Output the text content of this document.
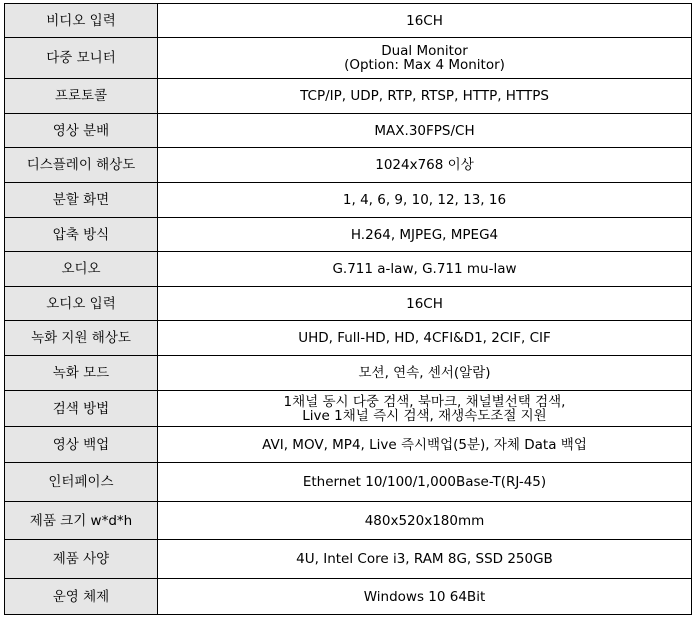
비디오 입력	16CH

다중 모니터	Dual Monitor
(Option: Max 4 Monitor)

프로토콜	TCP/IP, UDP, RTP, RTSP, HTTP, HTTPS

영상 분배	MAX.30FPS/CH

디스플레이 해상도	1024x768 이상

분할 화면	1, 4, 6, 9, 10, 12, 13, 16

압축 방식	H.264, MJPEG, MPEG4

오디오	G.711 a-law, G.711 mu-law

오디오 입력	16CH

녹화 지원 해상도	UHD, Full-HD, HD, 4CFI&D1, 2CIF, CIF

녹화 모드	모션, 연속, 센서(알람)

검색 방법	1채널 동시 다중 검색, 북마크, 채널별선택 검색,
Live 1채널 즉시 검색, 재생속도조절 지원

영상 백업	AVI, MOV, MP4, Live 즉시백업(5분), 자체 Data 백업

인터페이스	Ethernet 10/100/1,000Base-T(RJ-45)

제품 크기 w*d*h	480x520x180mm

제품 사양	4U, Intel Core i3, RAM 8G, SSD 250GB

운영 체제	Windows 10 64Bit
